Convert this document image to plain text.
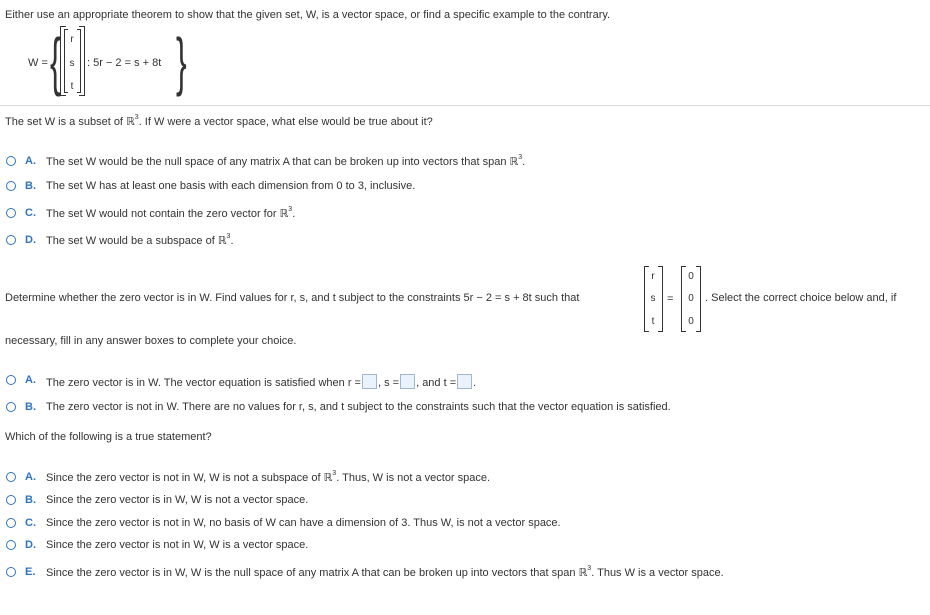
Either use an appropriate theorem to show that the given set, W, is a vector space, or find a specific example to the contrary.
W = { r
s
t
: 5r − 2 = s + 8t }
The set W is a subset of ℝ$^3$. If W were a vector space, what else would be true about it?
A. The set W would be the null space of any matrix A that can be broken up into vectors that span ℝ$^3$.
B. The set W has at least one basis with each dimension from 0 to 3, inclusive.
C. The set W would not contain the zero vector for ℝ$^3$.
D. The set W would be a subspace of ℝ$^3$.
Determine whether the zero vector is in W. Find values for r, s, and t subject to the constraints 5r − 2 = s + 8t such that
r
s
t
=
0
0
0
. Select the correct choice below and, if
necessary, fill in any answer boxes to complete your choice.
A. The zero vector is in W. The vector equation is satisfied when r = , s = , and t = .
B. The zero vector is not in W. There are no values for r, s, and t subject to the constraints such that the vector equation is satisfied.
Which of the following is a true statement?
A. Since the zero vector is not in W, W is not a subspace of ℝ$^3$. Thus, W is not a vector space.
B. Since the zero vector is in W, W is not a vector space.
C. Since the zero vector is not in W, no basis of W can have a dimension of 3. Thus W, is not a vector space.
D. Since the zero vector is not in W, W is a vector space.
E. Since the zero vector is in W, W is the null space of any matrix A that can be broken up into vectors that span ℝ$^3$. Thus W is a vector space.
